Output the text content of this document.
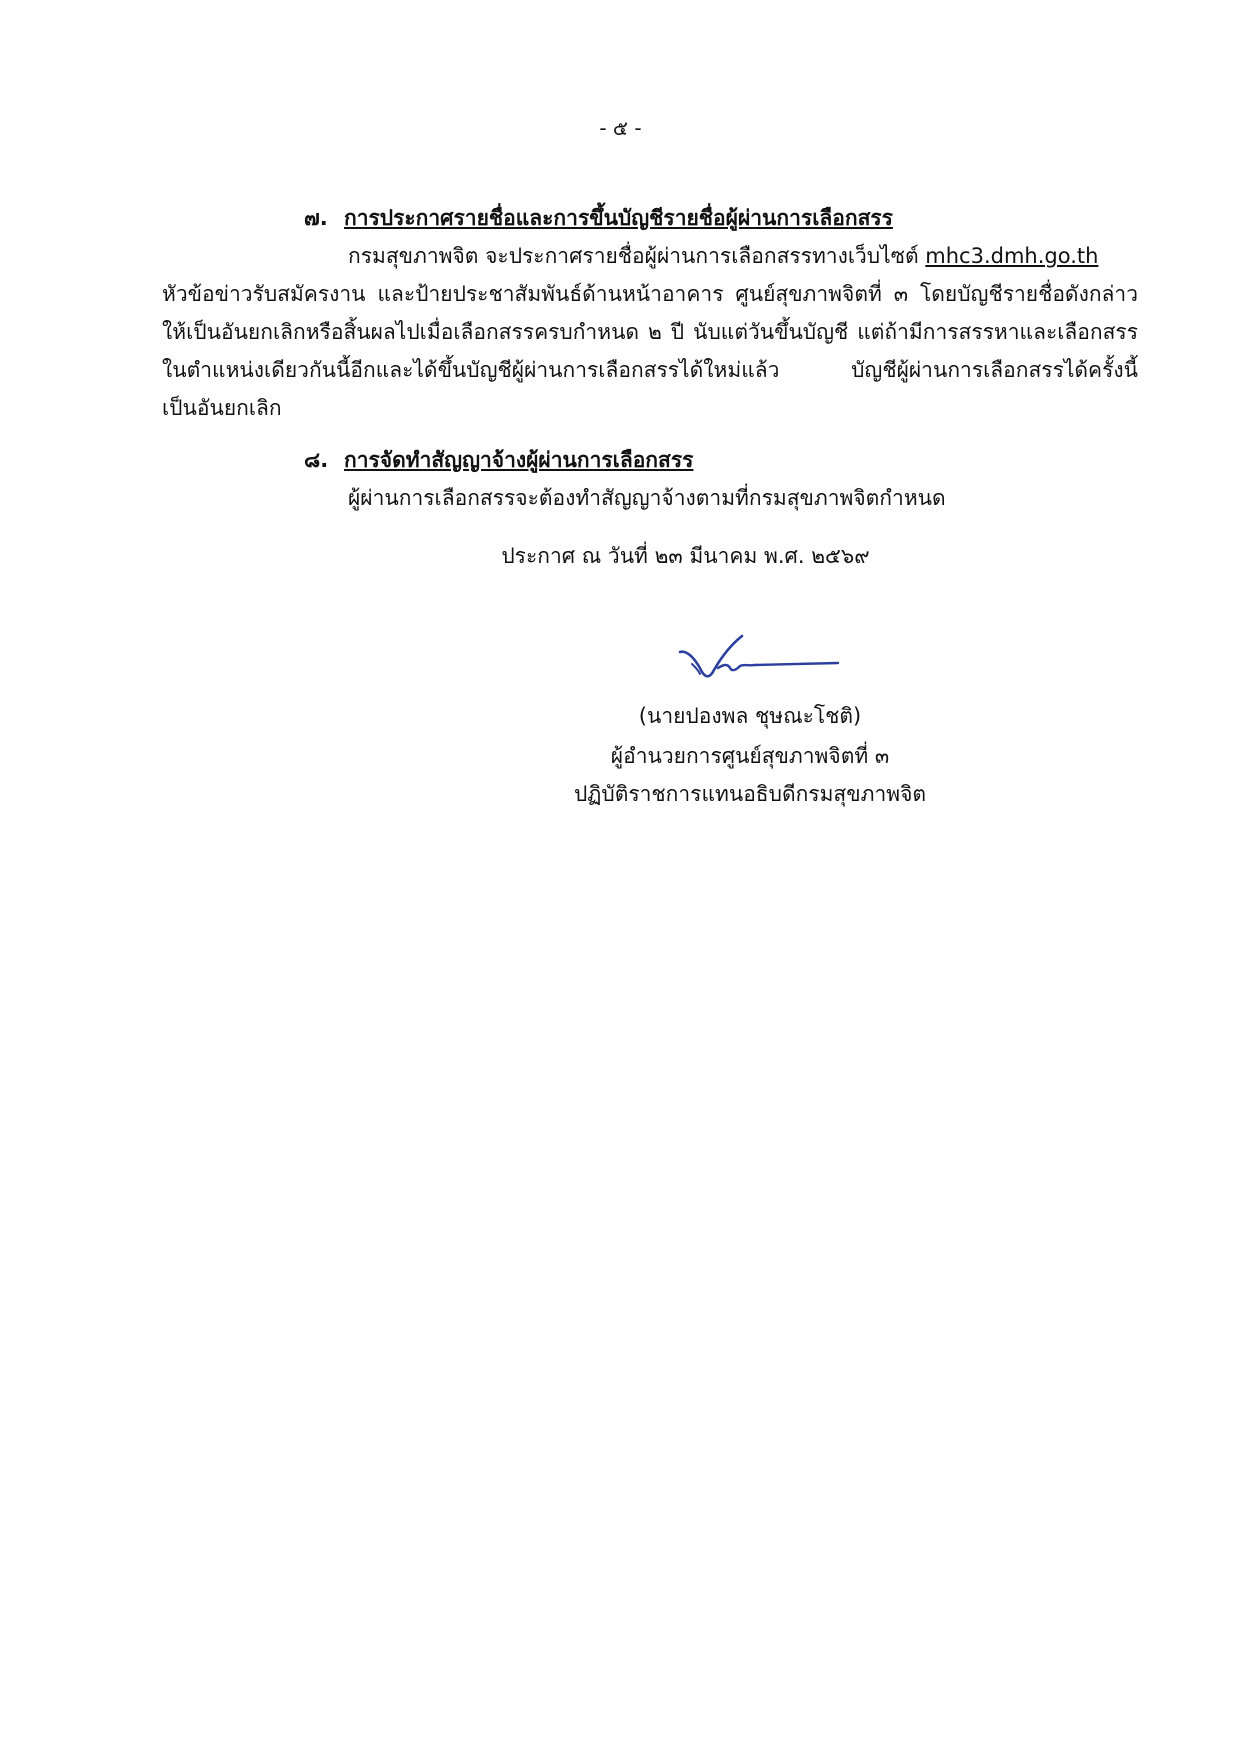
- ๕ -
๗. การประกาศรายชื่อและการขึ้นบัญชีรายชื่อผู้ผ่านการเลือกสรร
กรมสุขภาพจิต จะประกาศรายชื่อผู้ผ่านการเลือกสรรทางเว็บไซต์ mhc3.dmh.go.th
หัวข้อข่าวรับสมัครงาน และป้ายประชาสัมพันธ์ด้านหน้าอาคาร ศูนย์สุขภาพจิตที่ ๓ โดยบัญชีรายชื่อดังกล่าว
ให้เป็นอันยกเลิกหรือสิ้นผลไปเมื่อเลือกสรรครบกำหนด ๒ ปี นับแต่วันขึ้นบัญชี แต่ถ้ามีการสรรหาและเลือกสรร
ในตำแหน่งเดียวกันนี้อีกและได้ขึ้นบัญชีผู้ผ่านการเลือกสรรได้ใหม่แล้ว บัญชีผู้ผ่านการเลือกสรรได้ครั้งนี้
เป็นอันยกเลิก
๘. การจัดทำสัญญาจ้างผู้ผ่านการเลือกสรร
ผู้ผ่านการเลือกสรรจะต้องทำสัญญาจ้างตามที่กรมสุขภาพจิตกำหนด
ประกาศ ณ วันที่ ๒๓ มีนาคม พ.ศ. ๒๕๖๙
(นายปองพล ชุษณะโชติ)
ผู้อำนวยการศูนย์สุขภาพจิตที่ ๓
ปฏิบัติราชการแทนอธิบดีกรมสุขภาพจิต
